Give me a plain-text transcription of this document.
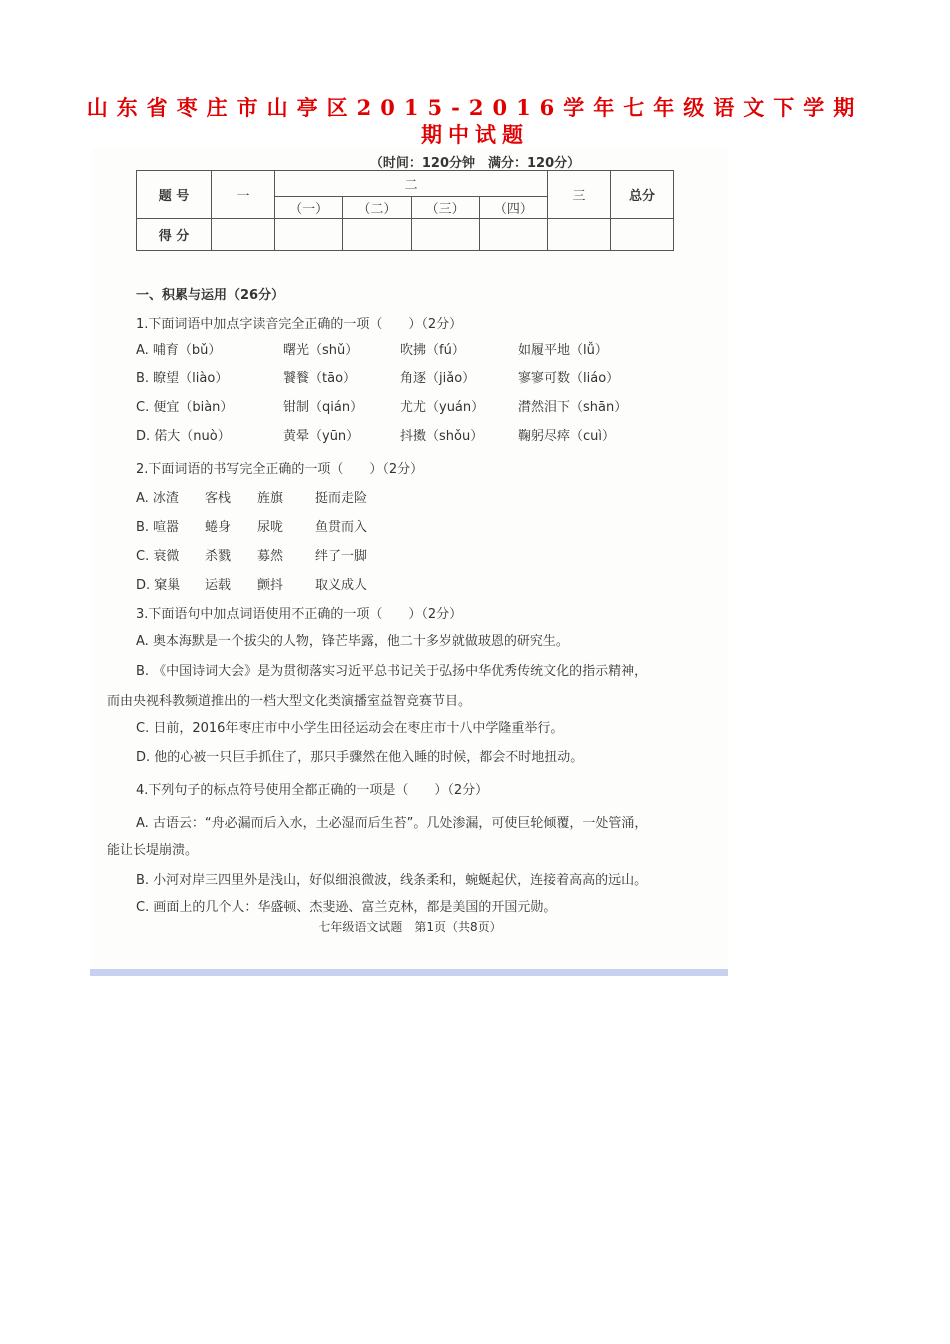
山东省枣庄市山亭区2015-2016学年七年级语文下学期
期中试题
（时间：120分钟　满分：120分）
题 号	一	二				三	总分
		（一）	（二）	（三）	（四）		
得 分							
一、积累与运用（26分）
1.下面词语中加点字读音完全正确的一项（　　）（2分）
A. 哺育（bǔ）	曙光（shǔ）	吹拂（fú）	如履平地（lǚ）
B. 瞭望（liào）	饕餮（tāo）	角逐（jiǎo）	寥寥可数（liáo）
C. 便宜（biàn）	钳制（qián）	尤尤（yuán）	潸然泪下（shān）
D. 偌大（nuò）	黄晕（yūn）	抖擞（shǒu）	鞠躬尽瘁（cuì）
2.下面词语的书写完全正确的一项（　　）（2分）
A. 冰渣 客栈 旌旗 挺而走险
B. 喧嚣 蜷身 尿咙 鱼贯而入
C. 衰微 杀戮 募然 绊了一脚
D. 窠巢 运载 颤抖 取义成人
3.下面语句中加点词语使用不正确的一项（　　）（2分）
A. 奥本海默是一个拔尖的人物，锋芒毕露，他二十多岁就做玻恩的研究生。
B. 《中国诗词大会》是为贯彻落实习近平总书记关于弘扬中华优秀传统文化的指示精神，
而由央视科教频道推出的一档大型文化类演播室益智竞赛节目。
C. 日前，2016年枣庄市中小学生田径运动会在枣庄市十八中学隆重举行。
D. 他的心被一只巨手抓住了，那只手骤然在他入睡的时候，都会不时地扭动。
4.下列句子的标点符号使用全都正确的一项是（　　）（2分）
A. 古语云：“舟必漏而后入水，土必湿而后生苔”。几处渗漏，可使巨轮倾覆，一处管涌，
能让长堤崩溃。
B. 小河对岸三四里外是浅山，好似细浪微波，线条柔和，蜿蜒起伏，连接着高高的远山。
C. 画面上的几个人：华盛顿、杰斐逊、富兰克林，都是美国的开国元勋。
七年级语文试题　第1页（共8页）
